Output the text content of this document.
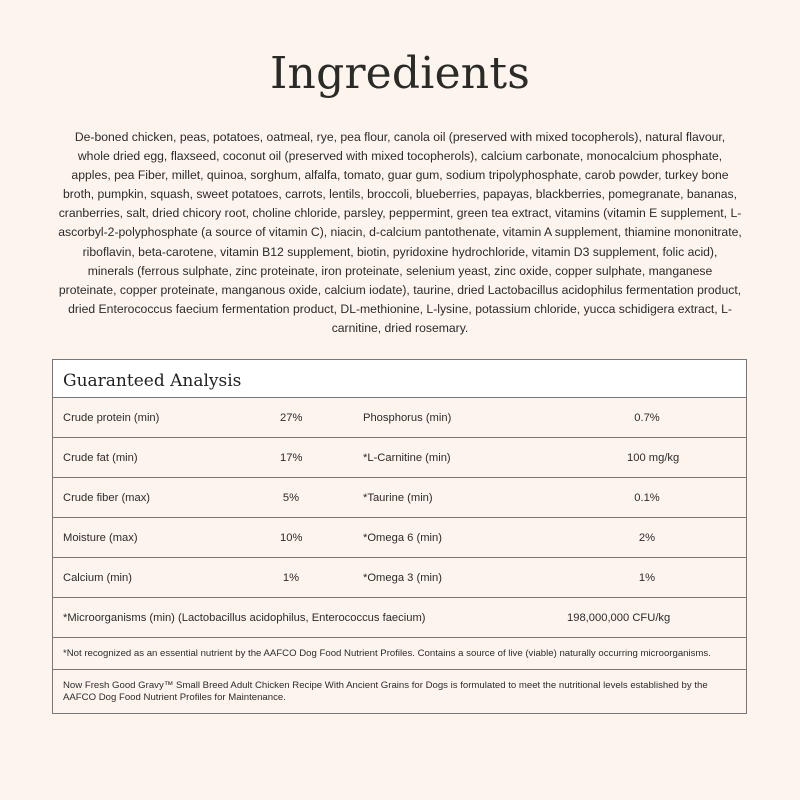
Ingredients
De-boned chicken, peas, potatoes, oatmeal, rye, pea flour, canola oil (preserved with mixed tocopherols), natural flavour, whole dried egg, flaxseed, coconut oil (preserved with mixed tocopherols), calcium carbonate, monocalcium phosphate, apples, pea Fiber, millet, quinoa, sorghum, alfalfa, tomato, guar gum, sodium tripolyphosphate, carob powder, turkey bone broth, pumpkin, squash, sweet potatoes, carrots, lentils, broccoli, blueberries, papayas, blackberries, pomegranate, bananas, cranberries, salt, dried chicory root, choline chloride, parsley, peppermint, green tea extract, vitamins (vitamin E supplement, L-ascorbyl-2-polyphosphate (a source of vitamin C), niacin, d-calcium pantothenate, vitamin A supplement, thiamine mononitrate, riboflavin, beta-carotene, vitamin B12 supplement, biotin, pyridoxine hydrochloride, vitamin D3 supplement, folic acid), minerals (ferrous sulphate, zinc proteinate, iron proteinate, selenium yeast, zinc oxide, copper sulphate, manganese proteinate, copper proteinate, manganous oxide, calcium iodate), taurine, dried Lactobacillus acidophilus fermentation product, dried Enterococcus faecium fermentation product, DL-methionine, L-lysine, potassium chloride, yucca schidigera extract, L-carnitine, dried rosemary.
Guaranteed Analysis
Crude protein (min)	27%	Phosphorus (min)	0.7%
Crude fat (min)	17%	*L-Carnitine (min)	100 mg/kg
Crude fiber (max)	5%	*Taurine (min)	0.1%
Moisture (max)	10%	*Omega 6 (min)	2%
Calcium (min)	1%	*Omega 3 (min)	1%
*Microorganisms (min) (Lactobacillus acidophilus, Enterococcus faecium)	198,000,000 CFU/kg
*Not recognized as an essential nutrient by the AAFCO Dog Food Nutrient Profiles. Contains a source of live (viable) naturally occurring microorganisms.
Now Fresh Good Gravy™ Small Breed Adult Chicken Recipe With Ancient Grains for Dogs is formulated to meet the nutritional levels established by the AAFCO Dog Food Nutrient Profiles for Maintenance.
